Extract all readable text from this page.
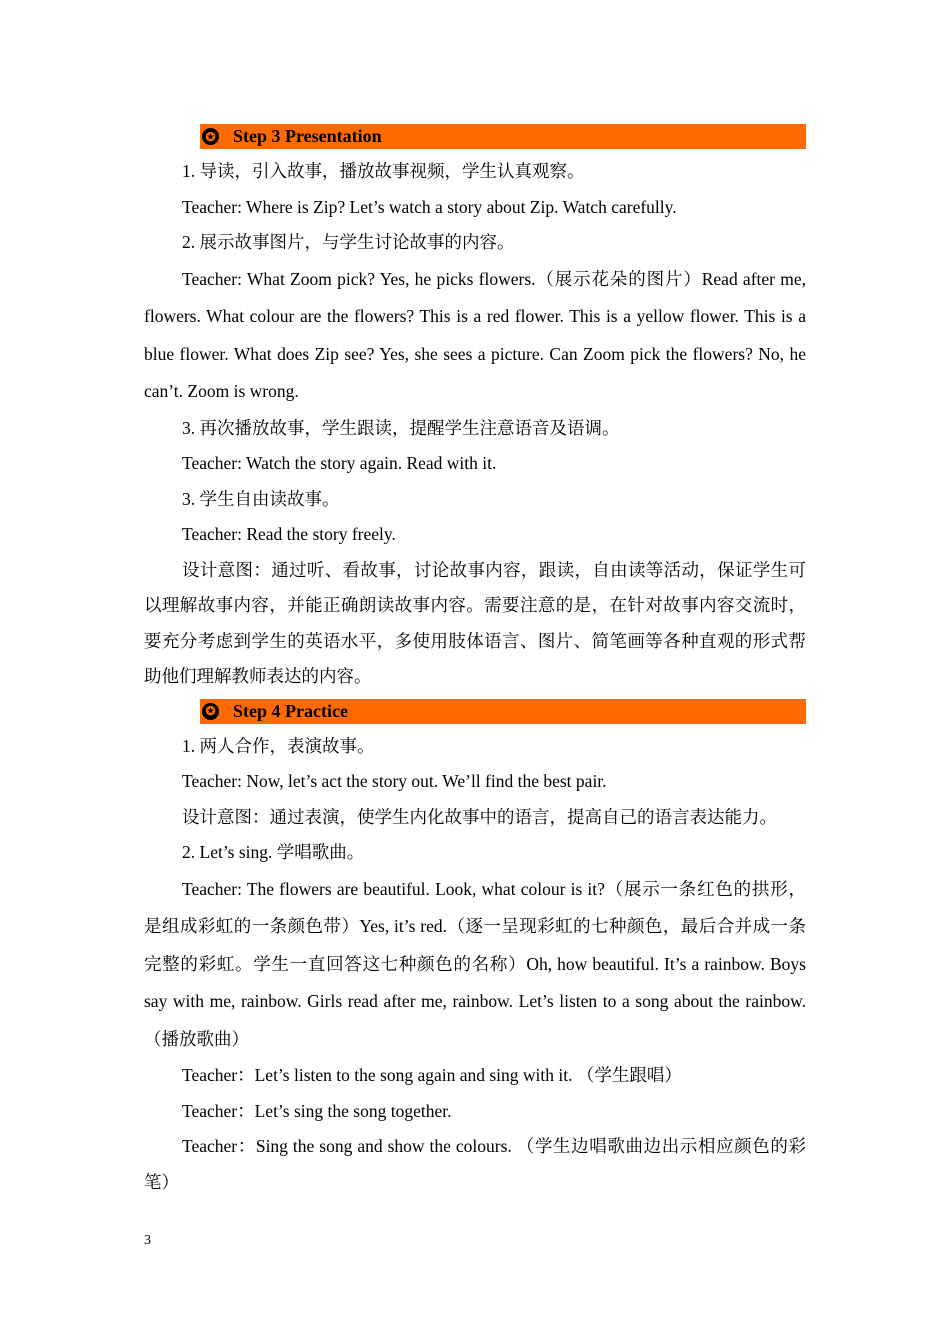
✪ Step 3 Presentation

1. 导读，引入故事，播放故事视频，学生认真观察。

Teacher: Where is Zip? Let’s watch a story about Zip. Watch carefully.

2. 展示故事图片，与学生讨论故事的内容。

Teacher: What Zoom pick? Yes, he picks flowers.（展示花朵的图片）Read after me, flowers. What colour are the flowers? This is a red flower. This is a yellow flower. This is a blue flower. What does Zip see? Yes, she sees a picture. Can Zoom pick the flowers? No, he can’t. Zoom is wrong.

3. 再次播放故事，学生跟读，提醒学生注意语音及语调。

Teacher: Watch the story again. Read with it.

3. 学生自由读故事。

Teacher: Read the story freely.

设计意图：通过听、看故事，讨论故事内容，跟读，自由读等活动，保证学生可以理解故事内容，并能正确朗读故事内容。需要注意的是，在针对故事内容交流时，要充分考虑到学生的英语水平，多使用肢体语言、图片、简笔画等各种直观的形式帮助他们理解教师表达的内容。

✪ Step 4 Practice

1. 两人合作，表演故事。

Teacher: Now, let’s act the story out. We’ll find the best pair.

设计意图：通过表演，使学生内化故事中的语言，提高自己的语言表达能力。

2. Let’s sing. 学唱歌曲。

Teacher: The flowers are beautiful. Look, what colour is it?（展示一条红色的拱形，是组成彩虹的一条颜色带）Yes, it’s red.（逐一呈现彩虹的七种颜色，最后合并成一条完整的彩虹。学生一直回答这七种颜色的名称）Oh, how beautiful. It’s a rainbow. Boys say with me, rainbow. Girls read after me, rainbow. Let’s listen to a song about the rainbow. （播放歌曲）

Teacher：Let’s listen to the song again and sing with it. （学生跟唱）

Teacher：Let’s sing the song together.

Teacher：Sing the song and show the colours. （学生边唱歌曲边出示相应颜色的彩笔）

3
